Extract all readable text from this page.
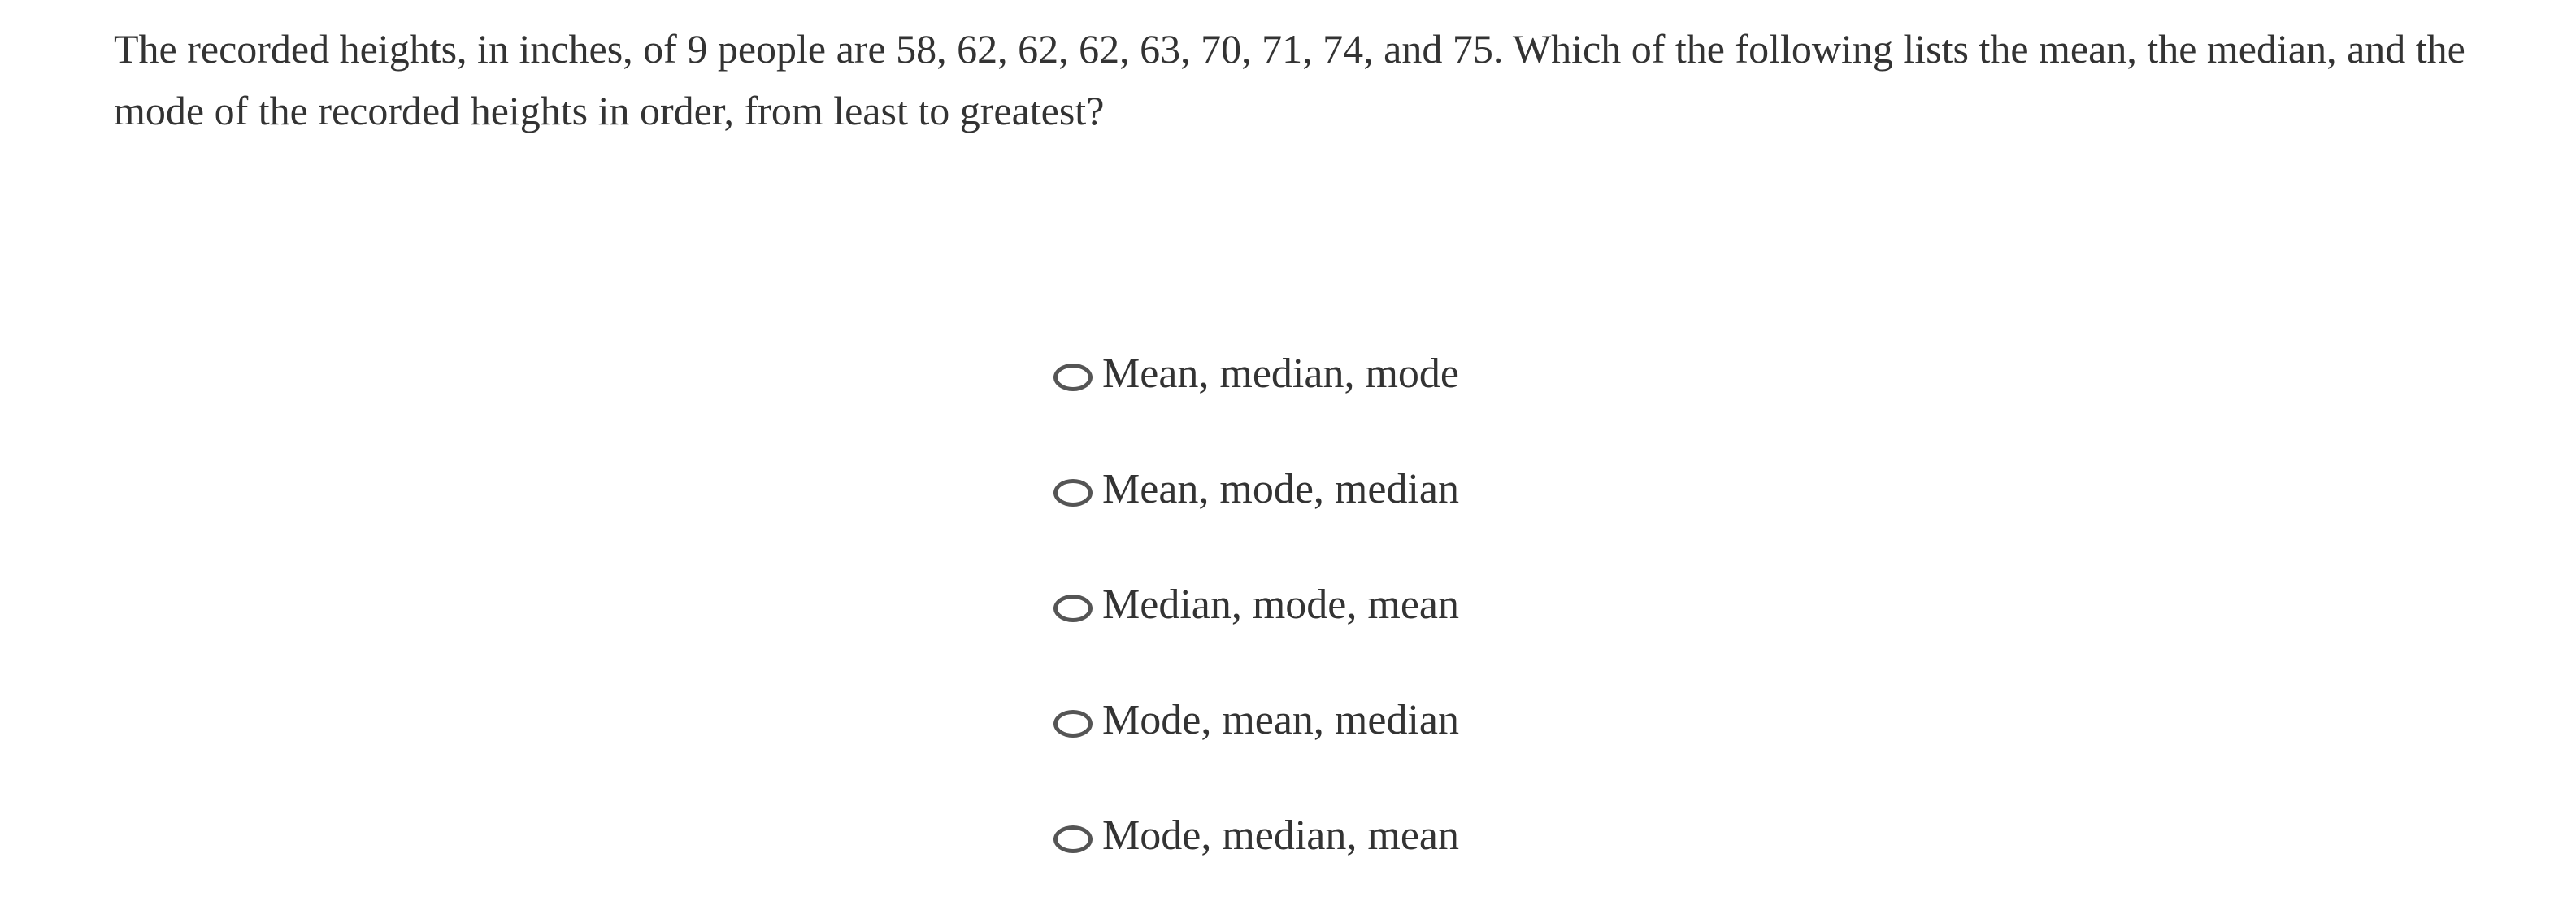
The recorded heights, in inches, of 9 people are 58, 62, 62, 62, 63, 70, 71, 74, and 75. Which of the following lists the mean, the median, and the mode of the recorded heights in order, from least to greatest?

Mean, median, mode
Mean, mode, median
Median, mode, mean
Mode, mean, median
Mode, median, mean
